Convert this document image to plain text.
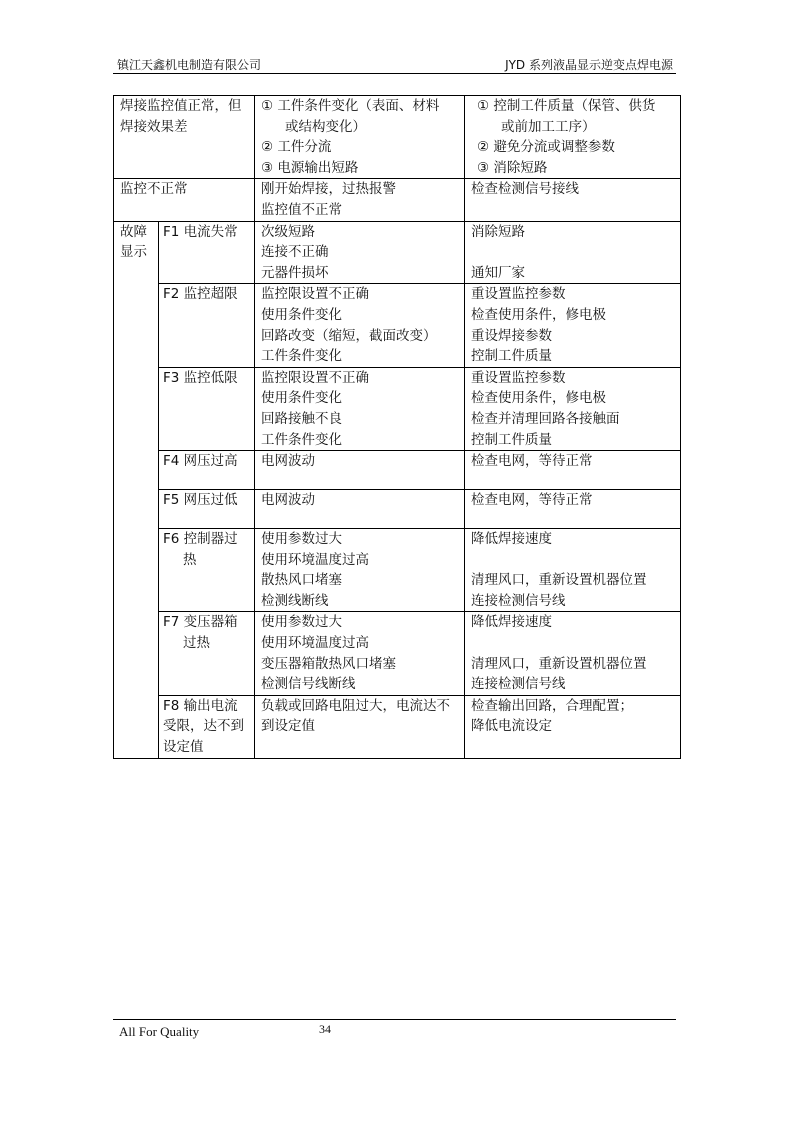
镇江天鑫机电制造有限公司	JYD 系列液晶显示逆变点焊电源
焊接监控值正常，但
焊接效果差		① 工件条件变化（表面、材料
或结构变化）
② 工件分流
③ 电源输出短路	① 控制工件质量（保管、供货
或前加工工序）
② 避免分流或调整参数
③ 消除短路

监控不正常		刚开始焊接，过热报警
监控值不正常	检查检测信号接线

故障
显示	F1 电流失常	次级短路
连接不正确
元器件损坏	消除短路
通知厂家

	F2 监控超限	监控限设置不正确
使用条件变化
回路改变（缩短，截面改变）
工件条件变化	重设置监控参数
检查使用条件，修电极
重设焊接参数
控制工件质量

	F3 监控低限	监控限设置不正确
使用条件变化
回路接触不良
工件条件变化	重设置监控参数
检查使用条件，修电极
检查并清理回路各接触面
控制工件质量

	F4 网压过高	电网波动	检查电网，等待正常

	F5 网压过低	电网波动	检查电网，等待正常

	F6 控制器过
热	使用参数过大
使用环境温度过高
散热风口堵塞
检测线断线	降低焊接速度
清理风口，重新设置机器位置
连接检测信号线

	F7 变压器箱
过热	使用参数过大
使用环境温度过高
变压器箱散热风口堵塞
检测信号线断线	降低焊接速度
清理风口，重新设置机器位置
连接检测信号线

	F8 输出电流
受限，达不到
设定值	负载或回路电阻过大，电流达不
到设定值	检查输出回路，合理配置；
降低电流设定
All For Quality	34
